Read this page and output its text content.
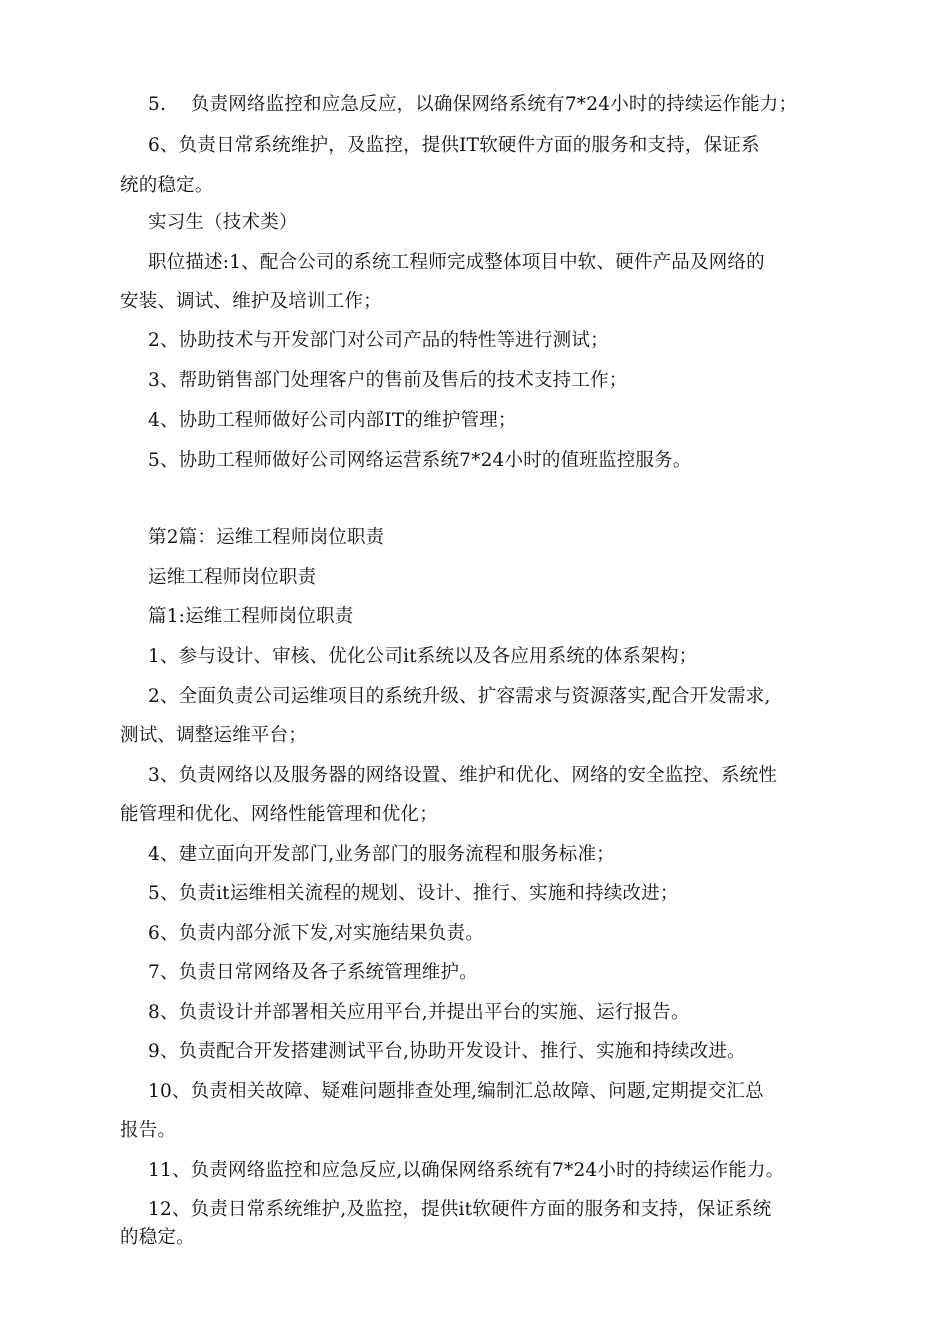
5.　 负责网络监控和应急反应，以确保网络系统有7*24小时的持续运作能力；
6、负责日常系统维护，及监控，提供IT软硬件方面的服务和支持，保证系
统的稳定。
实习生（技术类）
职位描述:1、配合公司的系统工程师完成整体项目中软、硬件产品及网络的
安装、调试、维护及培训工作；
2、协助技术与开发部门对公司产品的特性等进行测试；
3、帮助销售部门处理客户的售前及售后的技术支持工作；
4、协助工程师做好公司内部IT的维护管理；
5、协助工程师做好公司网络运营系统7*24小时的值班监控服务。
第2篇：运维工程师岗位职责
运维工程师岗位职责
篇1:运维工程师岗位职责
1、参与设计、审核、优化公司it系统以及各应用系统的体系架构；
2、全面负责公司运维项目的系统升级、扩容需求与资源落实,配合开发需求,
测试、调整运维平台；
3、负责网络以及服务器的网络设置、维护和优化、网络的安全监控、系统性
能管理和优化、网络性能管理和优化；
4、建立面向开发部门,业务部门的服务流程和服务标准；
5、负责it运维相关流程的规划、设计、推行、实施和持续改进；
6、负责内部分派下发,对实施结果负责。
7、负责日常网络及各子系统管理维护。
8、负责设计并部署相关应用平台,并提出平台的实施、运行报告。
9、负责配合开发搭建测试平台,协助开发设计、推行、实施和持续改进。
10、负责相关故障、疑难问题排查处理,编制汇总故障、问题,定期提交汇总
报告。
11、负责网络监控和应急反应,以确保网络系统有7*24小时的持续运作能力。
12、负责日常系统维护,及监控，提供it软硬件方面的服务和支持，保证系统
的稳定。
